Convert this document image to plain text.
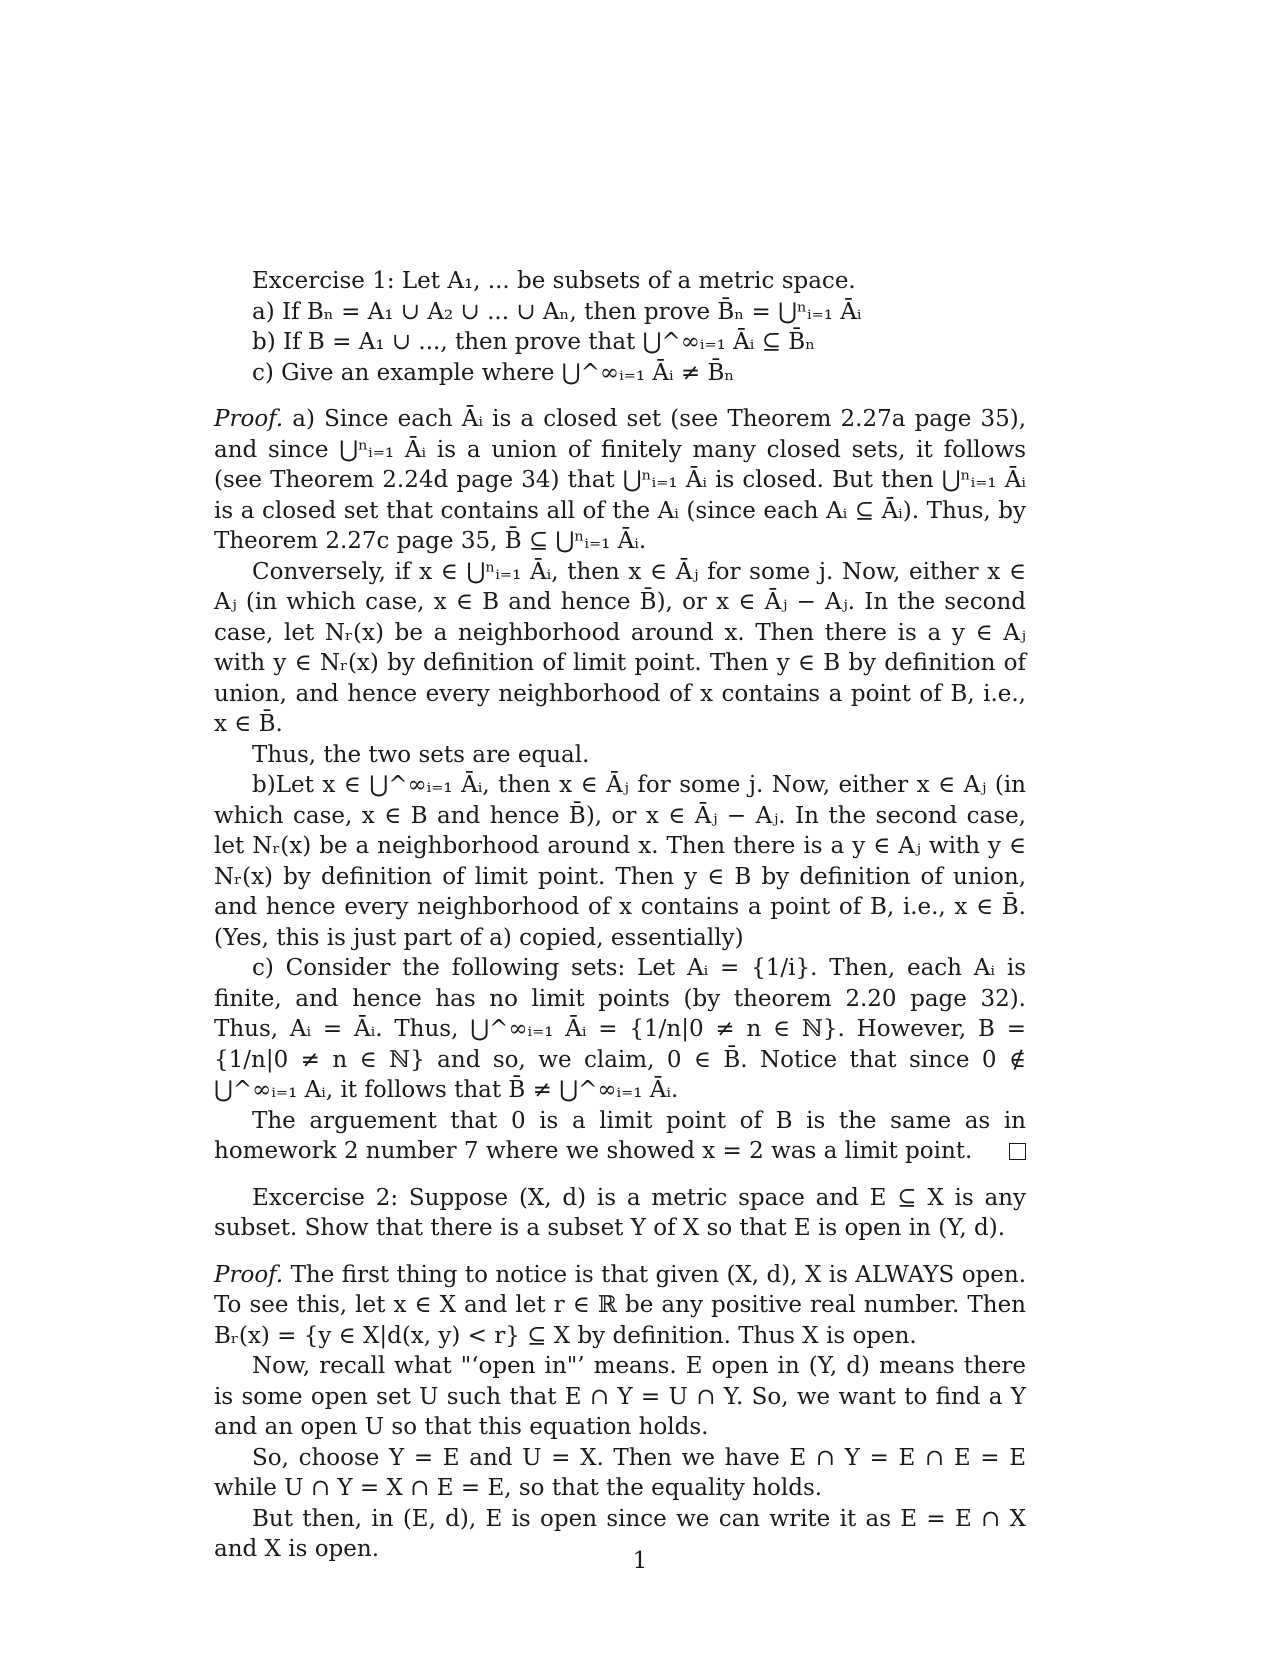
Excercise 1: Let A₁, ... be subsets of a metric space.
a) If Bₙ = A₁ ∪ A₂ ∪ ... ∪ Aₙ, then prove B̄ₙ = ⋃ⁿᵢ₌₁ Āᵢ
b) If B = A₁ ∪ ..., then prove that ⋃^∞ᵢ₌₁ Āᵢ ⊆ B̄ₙ
c) Give an example where ⋃^∞ᵢ₌₁ Āᵢ ≠ B̄ₙ

Proof. a) Since each Āᵢ is a closed set (see Theorem 2.27a page 35), and since ⋃ⁿᵢ₌₁ Āᵢ is a union of finitely many closed sets, it follows (see Theorem 2.24d page 34) that ⋃ⁿᵢ₌₁ Āᵢ is closed. But then ⋃ⁿᵢ₌₁ Āᵢ is a closed set that contains all of the Aᵢ (since each Aᵢ ⊆ Āᵢ). Thus, by Theorem 2.27c page 35, B̄ ⊆ ⋃ⁿᵢ₌₁ Āᵢ.

Conversely, if x ∈ ⋃ⁿᵢ₌₁ Āᵢ, then x ∈ Āⱼ for some j. Now, either x ∈ Aⱼ (in which case, x ∈ B and hence B̄), or x ∈ Āⱼ − Aⱼ. In the second case, let Nᵣ(x) be a neighborhood around x. Then there is a y ∈ Aⱼ with y ∈ Nᵣ(x) by definition of limit point. Then y ∈ B by definition of union, and hence every neighborhood of x contains a point of B, i.e., x ∈ B̄.

Thus, the two sets are equal.

b)Let x ∈ ⋃^∞ᵢ₌₁ Āᵢ, then x ∈ Āⱼ for some j. Now, either x ∈ Aⱼ (in which case, x ∈ B and hence B̄), or x ∈ Āⱼ − Aⱼ. In the second case, let Nᵣ(x) be a neighborhood around x. Then there is a y ∈ Aⱼ with y ∈ Nᵣ(x) by definition of limit point. Then y ∈ B by definition of union, and hence every neighborhood of x contains a point of B, i.e., x ∈ B̄. (Yes, this is just part of a) copied, essentially)

c) Consider the following sets: Let Aᵢ = {1/i}. Then, each Aᵢ is finite, and hence has no limit points (by theorem 2.20 page 32). Thus, Aᵢ = Āᵢ. Thus, ⋃^∞ᵢ₌₁ Āᵢ = {1/n|0 ≠ n ∈ ℕ}. However, B = {1/n|0 ≠ n ∈ ℕ} and so, we claim, 0 ∈ B̄. Notice that since 0 ∉ ⋃^∞ᵢ₌₁ Aᵢ, it follows that B̄ ≠ ⋃^∞ᵢ₌₁ Āᵢ.

The arguement that 0 is a limit point of B is the same as in homework 2 number 7 where we showed x = 2 was a limit point.

Excercise 2: Suppose (X, d) is a metric space and E ⊆ X is any subset. Show that there is a subset Y of X so that E is open in (Y, d).

Proof. The first thing to notice is that given (X, d), X is ALWAYS open. To see this, let x ∈ X and let r ∈ ℝ be any positive real number. Then Bᵣ(x) = {y ∈ X|d(x, y) < r} ⊆ X by definition. Thus X is open.

Now, recall what "‘open in"’ means. E open in (Y, d) means there is some open set U such that E ∩ Y = U ∩ Y. So, we want to find a Y and an open U so that this equation holds.

So, choose Y = E and U = X. Then we have E ∩ Y = E ∩ E = E while U ∩ Y = X ∩ E = E, so that the equality holds.

But then, in (E, d), E is open since we can write it as E = E ∩ X and X is open.	1
